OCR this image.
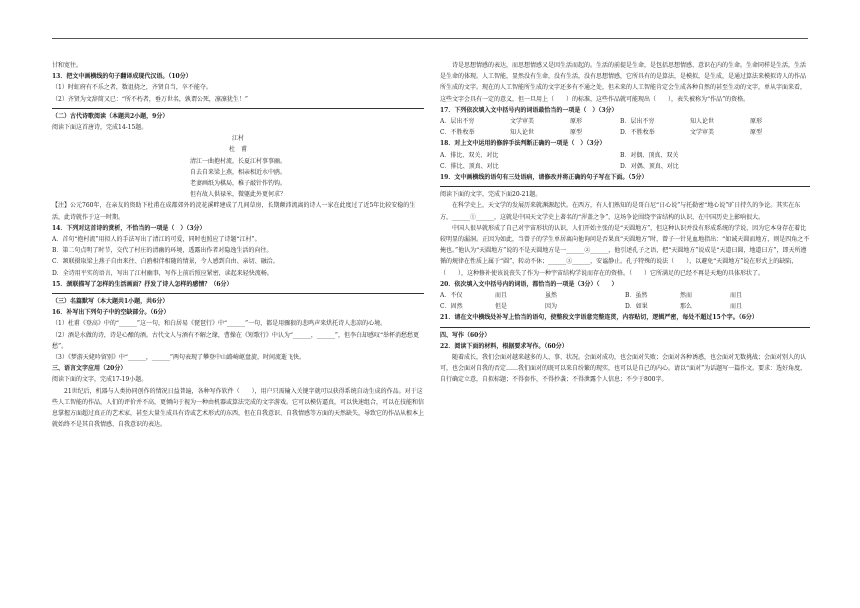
甘和宽往。
13．把文中画横线的句子翻译成现代汉语。（10分）
（1）时虹府有不乐之者，数诅挠之，齐贤自当，卒不能夺。
（2）齐贤为文辞简又已：“所不朽者，垂万世名，孰谓公死，凛凛犹生！”
（二）古代诗歌阅读（本题共2小题，9分）
阅读下面这首唐诗，完成14-15题。
江村
杜　甫
清江一曲抱村流，长夏江村事事幽。
自去自来梁上燕，相亲相近水中鸥。
老妻画纸为棋局，稚子敲针作钓钩。
但有故人供禄米，微躯此外更何求？
【注】公元760年，在亲友的资助下杜甫在成都郊外的浣花溪畔建成了几间草房，长期颠沛流离的诗人一家在此度过了近5年比较安稳的生活，此诗就作于这一时期。
14．下列对这首诗的赏析，不恰当的一项是（　）（3分）
A．首句“抱村流”用拟人的手法写出了清江的可爱，同时也照应了诗题“江村”。
B．第二句点明了时节，交代了村庄的清幽的环境，透露出作者对隐逸生活的向往。
C．颔联摄取梁上燕子自由来往、白鸥相伴相随的情景，令人感到自由、亲切、融洽。
D．全诗用平实的语言，写出了江村幽事，写作上前后照应紧密，读起来轻快流畅。
15．颈联描写了怎样的生活画面？抒发了诗人怎样的感情？（6分）
（三）名篇默写（本大题共1小题，共6分）
16．补写出下列句子中的空缺部分。（6分）
（1）杜甫《登高》中的“______”这一句，和白居易《琵琶行》中“______”一句，都是用骤狠的悲鸣声来烘托诗人悲凉的心境。
（2）酒是水做的诗，诗是心酿的酒。古代文人与酒有不解之缘，曹操在《短歌行》中认为“______，______”，但李白却感叹“举杯消愁愁更愁”。
（3）《梦游天姥吟留别》中“______，______”两句表现了攀登中山路崎岖盘旋，时间流逝飞快。
三、语言文字应用（20分）
阅读下面的文字，完成17-19小题。
21世纪后，机器与人类协同创作的情况日益普遍，各种写作软件（　　），用户只需输入关键字就可以获得系统自动生成的作品。对于这些人工智能的作品，人们的评价并不高，更倾向于视为一种由机器或算法完成的文字游戏。它可以模仿逼真，可以快速组合，可以在技能和信息掌握方面超过真正的艺术家，甚至大量生成具有诗或艺术形式的东西，但在自我意识、自我情感等方面的天然缺失，导致它的作品从根本上就始终不是其自我情感、自我意识的表达。
诗是思想情感的表达，而思想情感又是因生活而起的。生活的前提是生命，是包括思想情感、意识在内的生命。生命同样是生活，生活是生命的体现。人工智能，显然没有生命，没有生活，没有思想情感，它所具有的是算法，是模拟，是生成，是通过算法来模拟诗人的作品所生成的文字。现在的人工智能所生成的文字还多有不通之处，但未来的人工智能肯定会生成各种自然的甚至生动的文字，单从字面来看，这些文字会具有一定的意义，但一旦用上（　　）的标准，这些作品就可能现出（　　），表失被称为“作品”的资格。
17．下列依次填入文中括号内的词语最恰当的一项是（　）（3分）
A．层出不穷	文学审美	原形	B．层出不穷	知人论世	原形
C．不胜枚举	知人论世	原型	D．不胜枚举	文学审美	原型
18．对上文中运用的修辞手法判断正确的一项是（　）（3分）
A．排比、双关、对比	B．对偶、顶真、双关
C．排比、顶真、对比	D．对偶、顶真、对比
19．文中画横线的语句有三处语病，请修改并将正确的句子写在下面。（5分）
阅读下面的文字，完成下面20-21题。
在科学史上，天文学的发展历来就渊源起伏。在西方，有人们熟知的是哥白尼“日心说”与托勒密“地心说”旷日持久的争论。其实在东方，______①______，这就是中国天文学史上著名的“浑盖之争”，这场争论围绕宇宙结构的认识，在中国历史上影响很大。
中国人很早就形成了自己对宇宙形状的认识，人们开始主张的是“天圆地方”，但这种认识并没有形成系统的学说，因为它本身存在着比较明显的漏洞。正因为如此，当曾子的学生单居离向他询问是否果真“天圆地方”时，曾子一针见血地指出：“如诚天圆而地方，则是四角之不掩也。”他认为“天圆地方”说的不是天圆地方是一______②______，他引述孔子之语，把“天圆地方”说成是“天道曰圆，地道曰方”，即天所遵循的规律在性质上属于“圆”，转动不休；______③______，安谧静止。孔子特殊的说法（　　），以避免“天圆地方”说在形式上的缺陷，（　　），这种修补使该说丧失了作为一种宇宙结构学说而存在的资格。（　　）它所满足的已经不再是天地的具体形状了。
20．依次填入文中括号内的词语，都恰当的一项是（3分）（　　）
A．不仅	而且	虽然	B．虽然	然而	而且
C．固然	但是	因为	D．如果	那么	而且
21．请在文中横线处补写上恰当的语句，使整段文字语意完整连贯，内容贴切，逻辑严密，每处不超过15个字。（6分）
四、写作（60分）
22．阅读下面的材料，根据要求写作。（60分）
随着成长，我们会面对越来越多的人、事、状况。会面对成功，也会面对失败；会面对各种诱惑，也会面对无数挑战；会面对别人的认可，也会面对自我的否定……我们面对的既可以来自纷繁的现实，也可以是自己的内心。请以“面对”为话题写一篇作文。要求：选好角度，自行确定立意，自拟标题；不得套作，不得抄袭；不得泄露个人信息；不少于800字。
